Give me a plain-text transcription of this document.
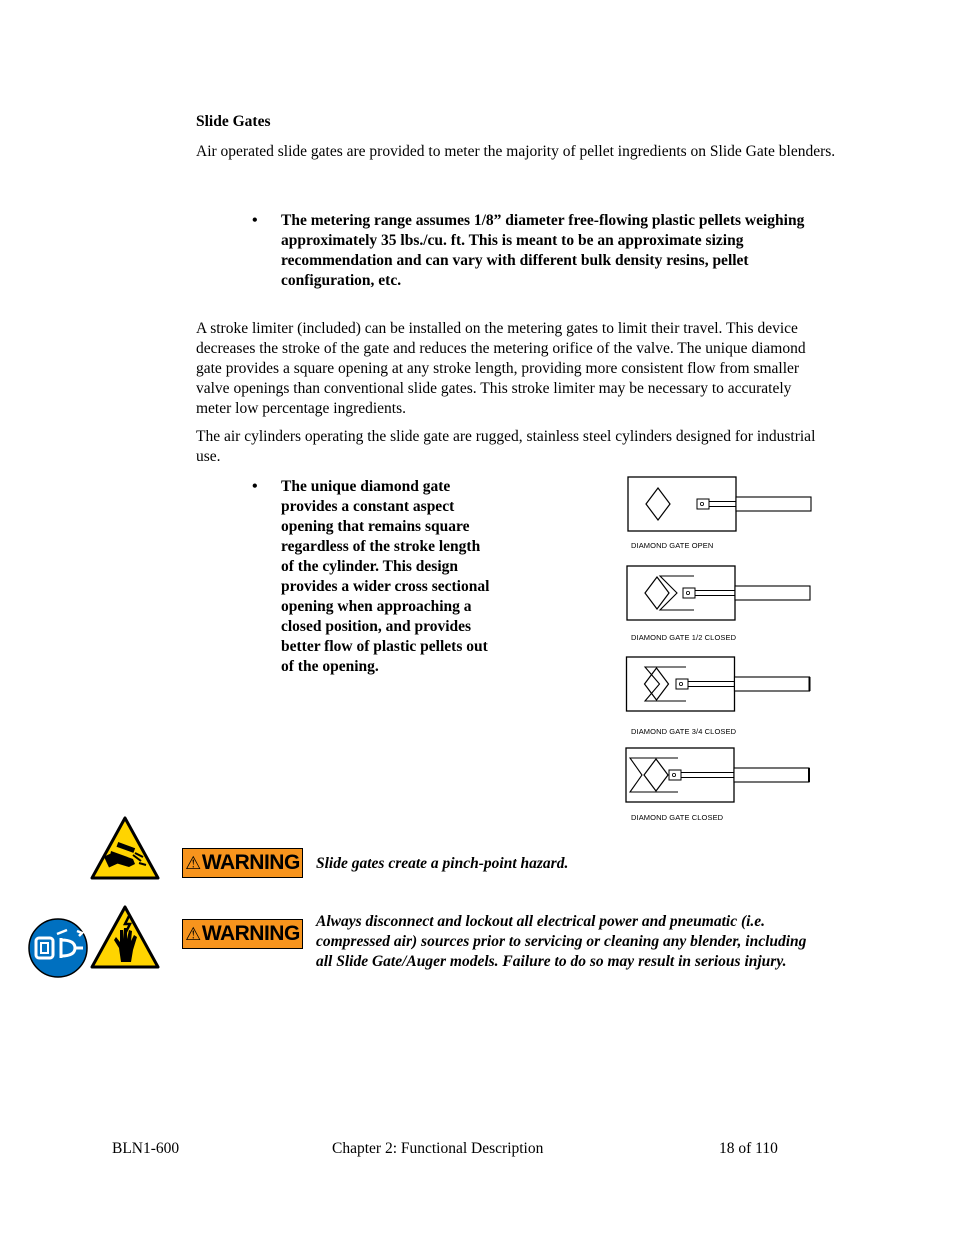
Slide Gates
Air operated slide gates are provided to meter the majority of pellet ingredients on Slide Gate blenders.
• The metering range assumes 1/8” diameter free-flowing plastic pellets weighing approximately 35 lbs./cu. ft. This is meant to be an approximate sizing recommendation and can vary with different bulk density resins, pellet configuration, etc.
A stroke limiter (included) can be installed on the metering gates to limit their travel. This device decreases the stroke of the gate and reduces the metering orifice of the valve. The unique diamond gate provides a square opening at any stroke length, providing more consistent flow from smaller valve openings than conventional slide gates. This stroke limiter may be necessary to accurately meter low percentage ingredients.
The air cylinders operating the slide gate are rugged, stainless steel cylinders designed for industrial use.
• The unique diamond gate provides a constant aspect opening that remains square regardless of the stroke length of the cylinder. This design provides a wider cross sectional opening when approaching a closed position, and provides better flow of plastic pellets out of the opening.
DIAMOND GATE OPEN
DIAMOND GATE 1/2 CLOSED
DIAMOND GATE 3/4 CLOSED
DIAMOND GATE CLOSED
⚠ WARNING Slide gates create a pinch-point hazard.
⚠ WARNING
Always disconnect and lockout all electrical power and pneumatic (i.e. compressed air) sources prior to servicing or cleaning any blender, including all Slide Gate/Auger models. Failure to do so may result in serious injury.
BLN1-600	Chapter 2: Functional Description	18 of 110
